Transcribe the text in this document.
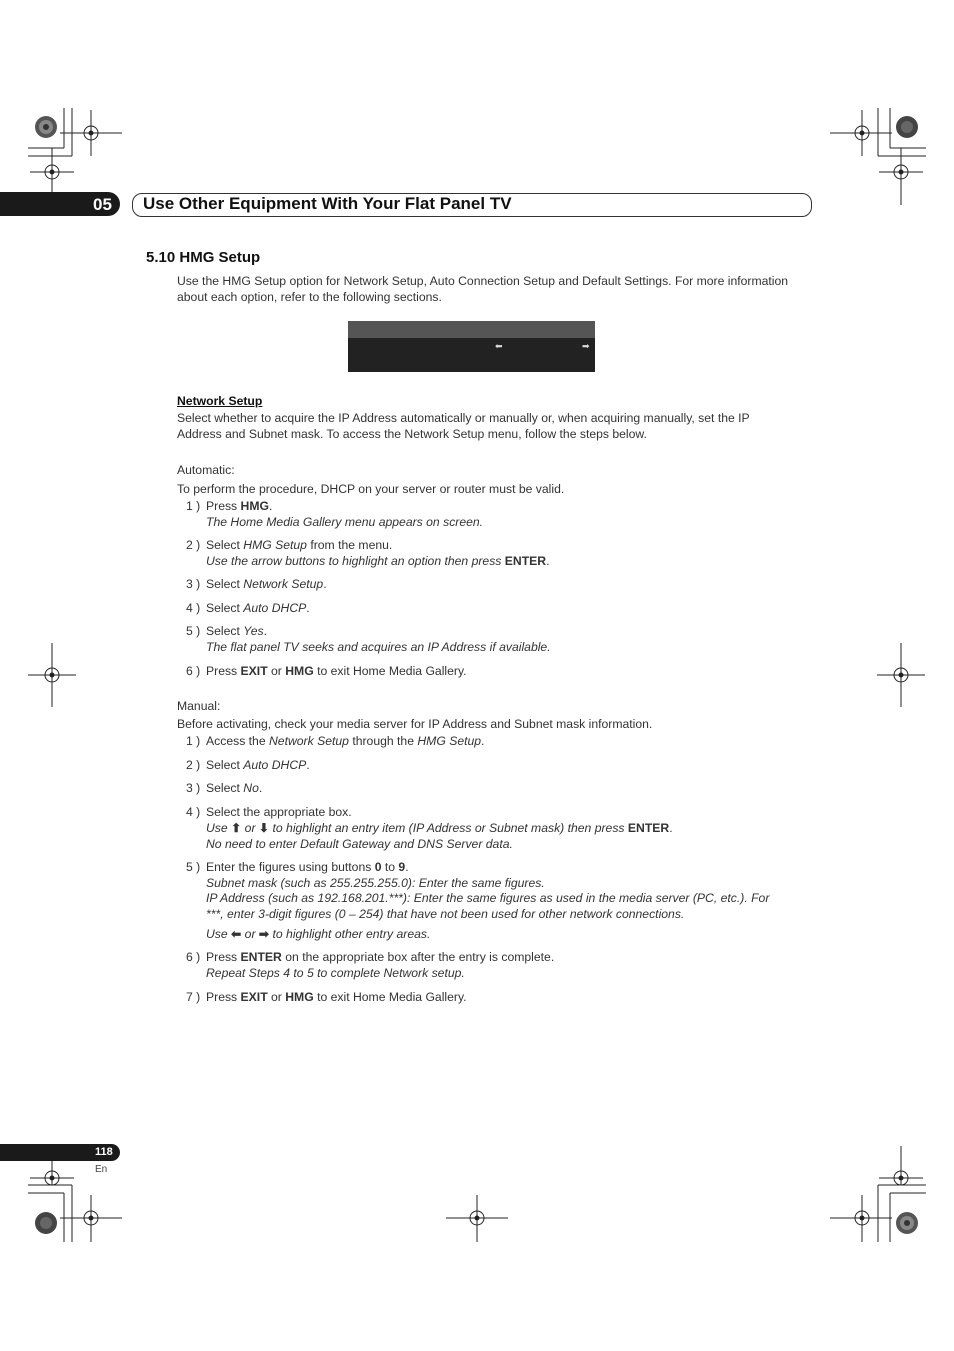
05 Use Other Equipment With Your Flat Panel TV
5.10 HMG Setup
Use the HMG Setup option for Network Setup, Auto Connection Setup and Default Settings. For more information
about each option, refer to the following sections.
⬅	➡
Network Setup
Select whether to acquire the IP Address automatically or manually or, when acquiring manually, set the IP
Address and Subnet mask. To access the Network Setup menu, follow the steps below.
Automatic:
To perform the procedure, DHCP on your server or router must be valid.
1 ) Press HMG.
The Home Media Gallery menu appears on screen.
2 ) Select HMG Setup from the menu.
Use the arrow buttons to highlight an option then press ENTER.
3 ) Select Network Setup.
4 ) Select Auto DHCP.
5 ) Select Yes.
The flat panel TV seeks and acquires an IP Address if available.
6 ) Press EXIT or HMG to exit Home Media Gallery.
Manual:
Before activating, check your media server for IP Address and Subnet mask information.
1 ) Access the Network Setup through the HMG Setup.
2 ) Select Auto DHCP.
3 ) Select No.
4 ) Select the appropriate box.
Use ⬆ or ⬇ to highlight an entry item (IP Address or Subnet mask) then press ENTER.
No need to enter Default Gateway and DNS Server data.
5 ) Enter the figures using buttons 0 to 9.
Subnet mask (such as 255.255.255.0): Enter the same figures.
IP Address (such as 192.168.201.***): Enter the same figures as used in the media server (PC, etc.). For
***, enter 3-digit figures (0 – 254) that have not been used for other network connections.
Use ⬅ or ➡ to highlight other entry areas.
6 ) Press ENTER on the appropriate box after the entry is complete.
Repeat Steps 4 to 5 to complete Network setup.
7 ) Press EXIT or HMG to exit Home Media Gallery.
118
En
